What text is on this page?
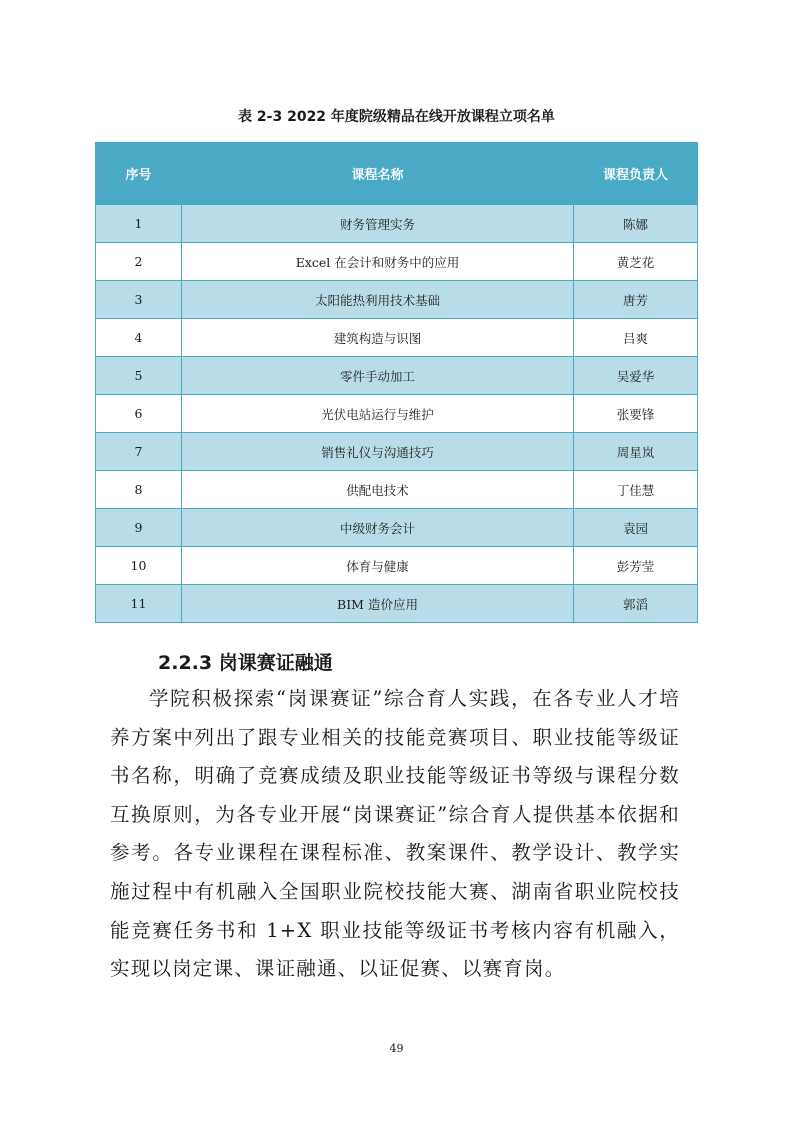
表 2-3 2022 年度院级精品在线开放课程立项名单
序号	课程名称	课程负责人
1	财务管理实务	陈娜
2	Excel 在会计和财务中的应用	黄芝花
3	太阳能热利用技术基础	唐芳
4	建筑构造与识图	吕爽
5	零件手动加工	吴爱华
6	光伏电站运行与维护	张要锋
7	销售礼仪与沟通技巧	周星岚
8	供配电技术	丁佳慧
9	中级财务会计	袁园
10	体育与健康	彭芳莹
11	BIM 造价应用	郭滔
2.2.3 岗课赛证融通

学院积极探索“岗课赛证”综合育人实践，在各专业人才培养方案中列出了跟专业相关的技能竞赛项目、职业技能等级证书名称，明确了竞赛成绩及职业技能等级证书等级与课程分数互换原则，为各专业开展“岗课赛证”综合育人提供基本依据和参考。各专业课程在课程标准、教案课件、教学设计、教学实施过程中有机融入全国职业院校技能大赛、湖南省职业院校技能竞赛任务书和 1+X 职业技能等级证书考核内容有机融入，实现以岗定课、课证融通、以证促赛、以赛育岗。

49
